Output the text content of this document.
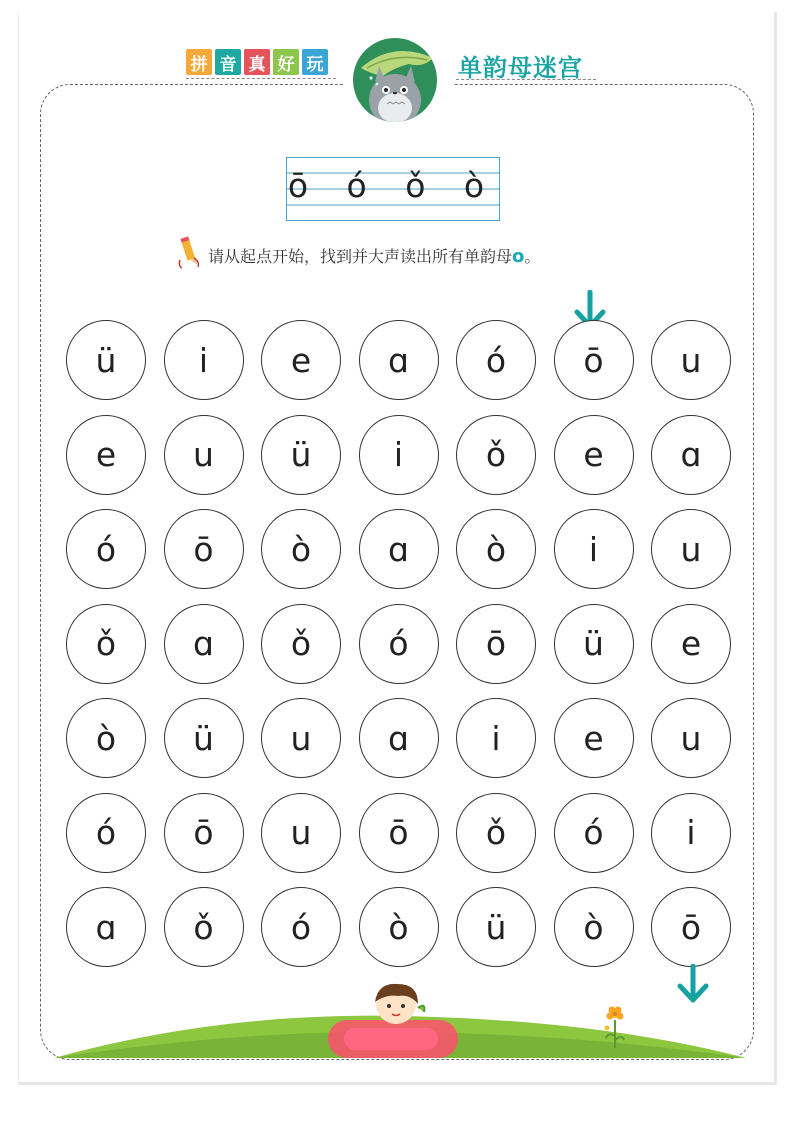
拼 音 真 好 玩	单韵母迷宫
ō ó ǒ ò
请从起点开始，找到并大声读出所有单韵母o。
ü	i	e	ɑ	ó	ō	u
e	u	ü	i	ǒ	e	ɑ
ó	ō	ò	ɑ	ò	i	u
ǒ	ɑ	ǒ	ó	ō	ü	e
ò	ü	u	ɑ	i	e	u
ó	ō	u	ō	ǒ	ó	i
ɑ	ǒ	ó	ò	ü	ò	ō
